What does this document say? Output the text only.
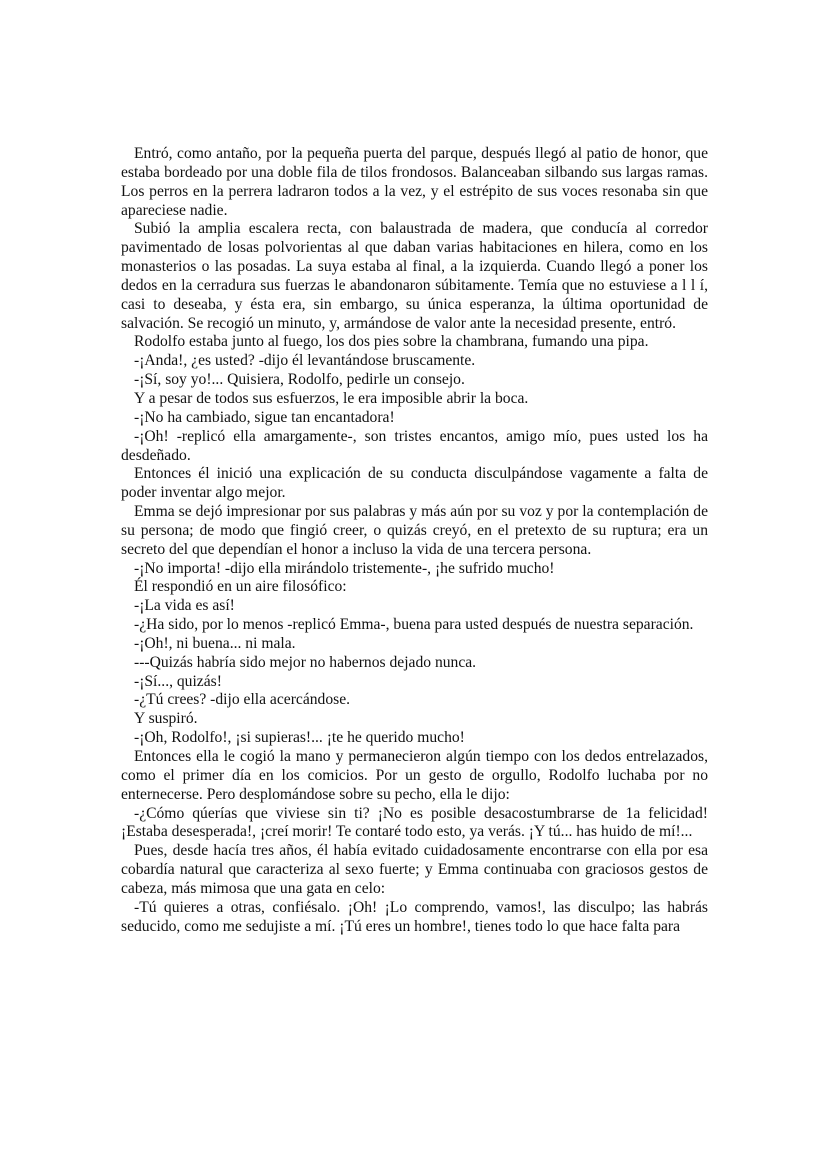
Entró, como antaño, por la pequeña puerta del parque, después llegó al patio de honor, que estaba bordeado por una doble fila de tilos frondosos. Balanceaban silbando sus largas ramas. Los perros en la perrera ladraron todos a la vez, y el estrépito de sus voces resonaba sin que apareciese nadie.

Subió la amplia escalera recta, con balaustrada de madera, que conducía al corredor pavimentado de losas polvorientas al que daban varias habitaciones en hilera, como en los monasterios o las posadas. La suya estaba al final, a la izquierda. Cuando llegó a poner los dedos en la cerradura sus fuerzas le abandonaron súbitamente. Temía que no estuviese a l l í, casi to deseaba, y ésta era, sin embargo, su única esperanza, la última oportunidad de salvación. Se recogió un minuto, y, armándose de valor ante la necesidad presente, entró.

Rodolfo estaba junto al fuego, los dos pies sobre la chambrana, fumando una pipa.

-¡Anda!, ¿es usted? -dijo él levantándose bruscamente.

-¡Sí, soy yo!... Quisiera, Rodolfo, pedirle un consejo.

Y a pesar de todos sus esfuerzos, le era imposible abrir la boca.

-¡No ha cambiado, sigue tan encantadora!

-¡Oh! -replicó ella amargamente-, son tristes encantos, amigo mío, pues usted los ha desdeñado.

Entonces él inició una explicación de su conducta disculpándose vagamente a falta de poder inventar algo mejor.

Emma se dejó impresionar por sus palabras y más aún por su voz y por la contemplación de su persona; de modo que fingió creer, o quizás creyó, en el pretexto de su ruptura; era un secreto del que dependían el honor a incluso la vida de una tercera persona.

-¡No importa! -dijo ella mirándolo tristemente-, ¡he sufrido mucho!

Él respondió en un aire filosófico:

-¡La vida es así!

-¿Ha sido, por lo menos -replicó Emma-, buena para usted después de nuestra separación.

-¡Oh!, ni buena... ni mala.

---Quizás habría sido mejor no habernos dejado nunca.

-¡Sí..., quizás!

-¿Tú crees? -dijo ella acercándose.

Y suspiró.

-¡Oh, Rodolfo!, ¡si supieras!... ¡te he querido mucho!

Entonces ella le cogió la mano y permanecieron algún tiempo con los dedos entrelazados, como el primer día en los comicios. Por un gesto de orgullo, Rodolfo luchaba por no enternecerse. Pero desplomándose sobre su pecho, ella le dijo:

-¿Cómo qúerías que viviese sin ti? ¡No es posible desacostumbrarse de 1a felicidad! ¡Estaba desesperada!, ¡creí morir! Te contaré todo esto, ya verás. ¡Y tú... has huido de mí!...

Pues, desde hacía tres años, él había evitado cuidadosamente encontrarse con ella por esa cobardía natural que caracteriza al sexo fuerte; y Emma continuaba con graciosos gestos de cabeza, más mimosa que una gata en celo:

-Tú quieres a otras, confiésalo. ¡Oh! ¡Lo comprendo, vamos!, las disculpo; las habrás seducido, como me sedujiste a mí. ¡Tú eres un hombre!, tienes todo lo que hace falta para
